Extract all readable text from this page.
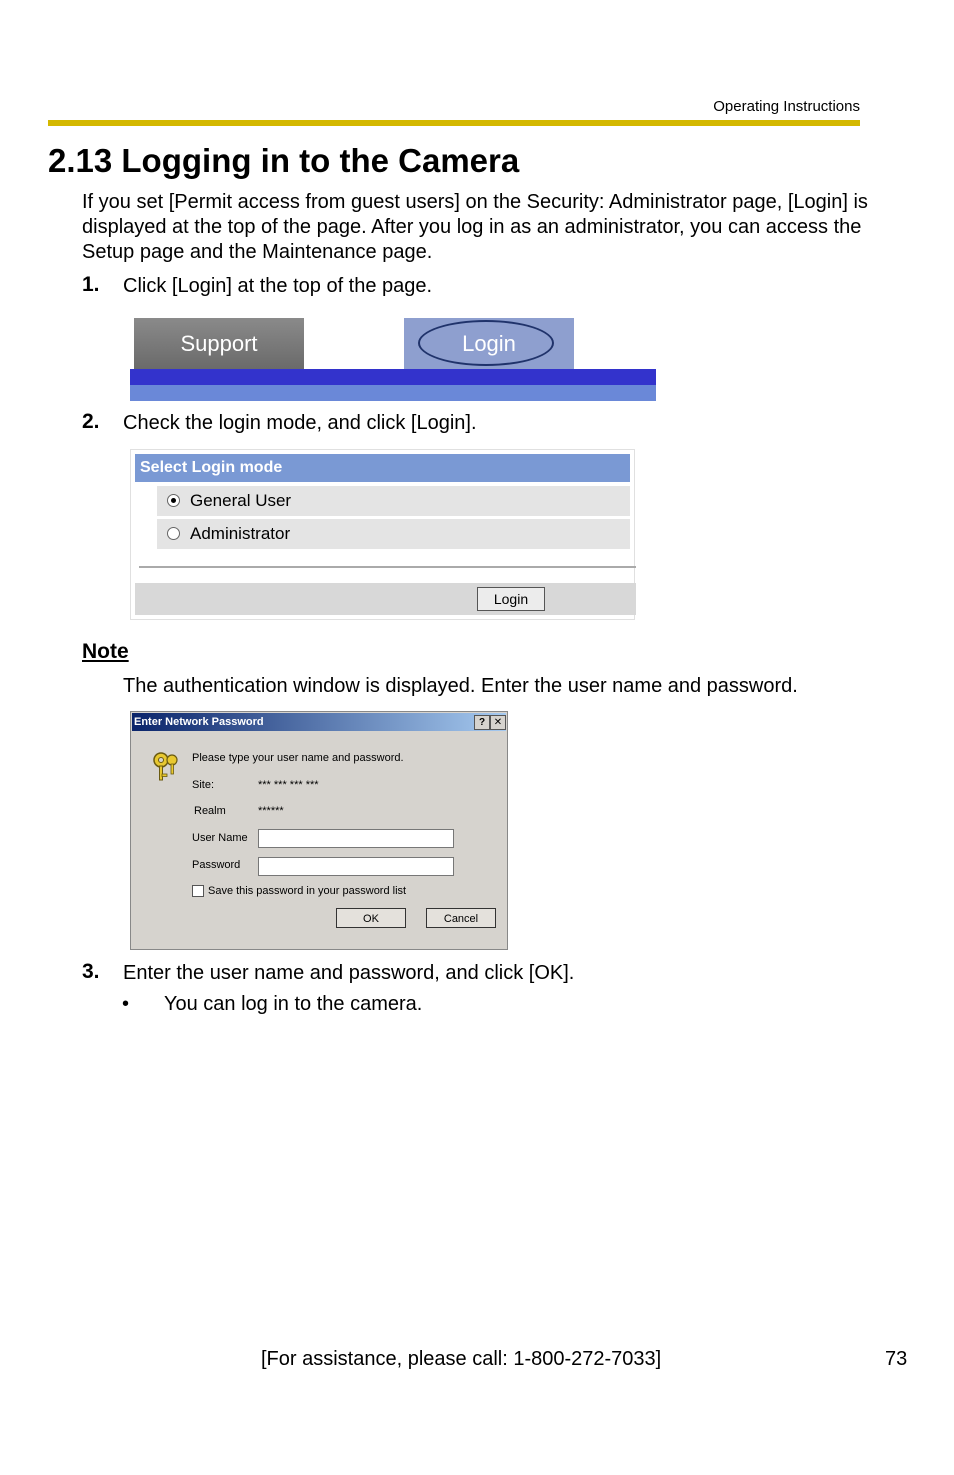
Operating Instructions
2.13 Logging in to the Camera
If you set [Permit access from guest users] on the Security: Administrator page, [Login] is displayed at the top of the page. After you log in as an administrator, you can access the Setup page and the Maintenance page.
1. Click [Login] at the top of the page.
Support	Login
2. Check the login mode, and click [Login].
Select Login mode
General User
Administrator
Login
Note
The authentication window is displayed. Enter the user name and password.
Enter Network Password	? ✕
Please type your user name and password.
Site:	*** *** *** ***
Realm	******
User Name
Password
Save this password in your password list
OK	Cancel
3. Enter the user name and password, and click [OK].
• You can log in to the camera.
[For assistance, please call: 1-800-272-7033]	73
